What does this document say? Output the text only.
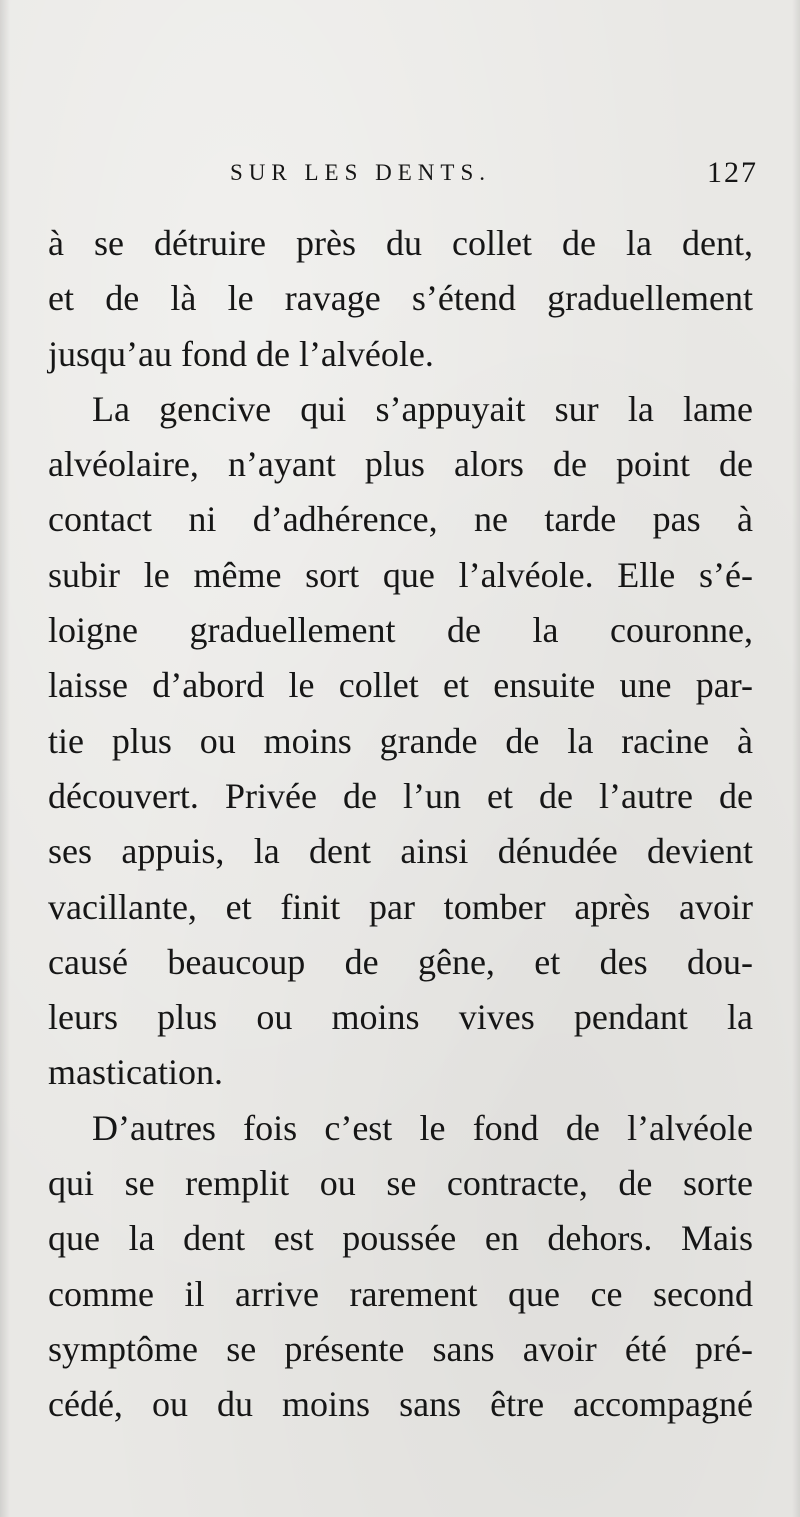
SUR LES DENTS.	127
à se détruire près du collet de la dent,
et de là le ravage s’étend graduellement
jusqu’au fond de l’alvéole.
La gencive qui s’appuyait sur la lame
alvéolaire, n’ayant plus alors de point de
contact ni d’adhérence, ne tarde pas à
subir le même sort que l’alvéole. Elle s’é-
loigne graduellement de la couronne,
laisse d’abord le collet et ensuite une par-
tie plus ou moins grande de la racine à
découvert. Privée de l’un et de l’autre de
ses appuis, la dent ainsi dénudée devient
vacillante, et finit par tomber après avoir
causé beaucoup de gêne, et des dou-
leurs plus ou moins vives pendant la
mastication.
D’autres fois c’est le fond de l’alvéole
qui se remplit ou se contracte, de sorte
que la dent est poussée en dehors. Mais
comme il arrive rarement que ce second
symptôme se présente sans avoir été pré-
cédé, ou du moins sans être accompagné
